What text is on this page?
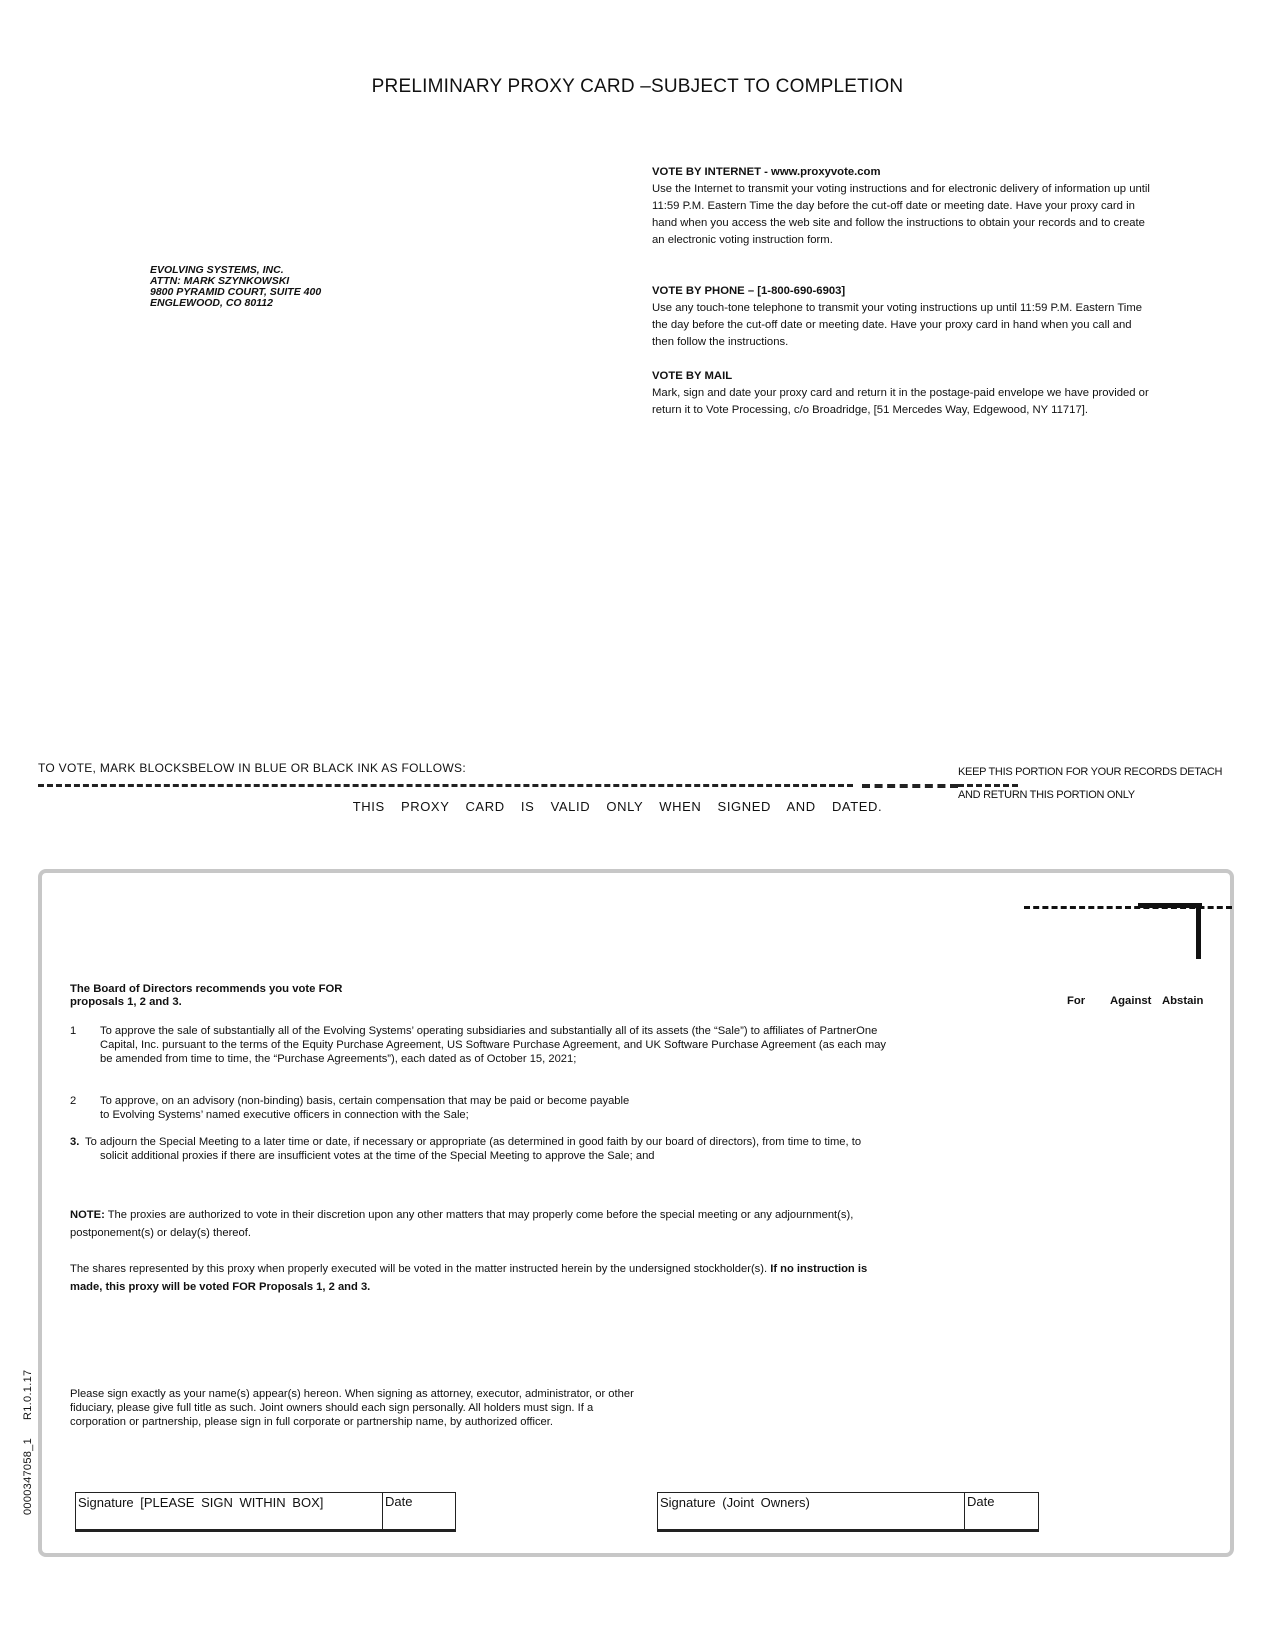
PRELIMINARY PROXY CARD –SUBJECT TO COMPLETION
EVOLVING SYSTEMS, INC.
ATTN: MARK SZYNKOWSKI
9800 PYRAMID COURT, SUITE 400
ENGLEWOOD, CO 80112
VOTE BY INTERNET - www.proxyvote.com
Use the Internet to transmit your voting instructions and for electronic delivery of information up until 11:59 P.M. Eastern Time the day before the cut-off date or meeting date. Have your proxy card in hand when you access the web site and follow the instructions to obtain your records and to create an electronic voting instruction form.
VOTE BY PHONE – [1-800-690-6903]
Use any touch-tone telephone to transmit your voting instructions up until 11:59 P.M. Eastern Time the day before the cut-off date or meeting date. Have your proxy card in hand when you call and then follow the instructions.
VOTE BY MAIL
Mark, sign and date your proxy card and return it in the postage-paid envelope we have provided or return it to Vote Processing, c/o Broadridge, [51 Mercedes Way, Edgewood, NY 11717].
TO VOTE, MARK BLOCKSBELOW IN BLUE OR BLACK INK AS FOLLOWS:	KEEP THIS PORTION FOR YOUR RECORDS DETACH
AND RETURN THIS PORTION ONLY
THIS PROXY CARD IS VALID ONLY WHEN SIGNED AND DATED.
The Board of Directors recommends you vote FOR proposals 1, 2 and 3.	For Against Abstain
1 To approve the sale of substantially all of the Evolving Systems’ operating subsidiaries and substantially all of its assets (the “Sale”) to affiliates of PartnerOne Capital, Inc. pursuant to the terms of the Equity Purchase Agreement, US Software Purchase Agreement, and UK Software Purchase Agreement (as each may be amended from time to time, the “Purchase Agreements”), each dated as of October 15, 2021;
2 To approve, on an advisory (non-binding) basis, certain compensation that may be paid or become payable to Evolving Systems’ named executive officers in connection with the Sale;
3. To adjourn the Special Meeting to a later time or date, if necessary or appropriate (as determined in good faith by our board of directors), from time to time, to
solicit additional proxies if there are insufficient votes at the time of the Special Meeting to approve the Sale; and
NOTE: The proxies are authorized to vote in their discretion upon any other matters that may properly come before the special meeting or any adjournment(s), postponement(s) or delay(s) thereof.
The shares represented by this proxy when properly executed will be voted in the matter instructed herein by the undersigned stockholder(s). If no instruction is made, this proxy will be voted FOR Proposals 1, 2 and 3.
Please sign exactly as your name(s) appear(s) hereon. When signing as attorney, executor, administrator, or other fiduciary, please give full title as such. Joint owners should each sign personally. All holders must sign. If a corporation or partnership, please sign in full corporate or partnership name, by authorized officer.
0000347058_1R1.0.1.17
Signature [PLEASE SIGN WITHIN BOX]	Date	Signature (Joint Owners)	Date
